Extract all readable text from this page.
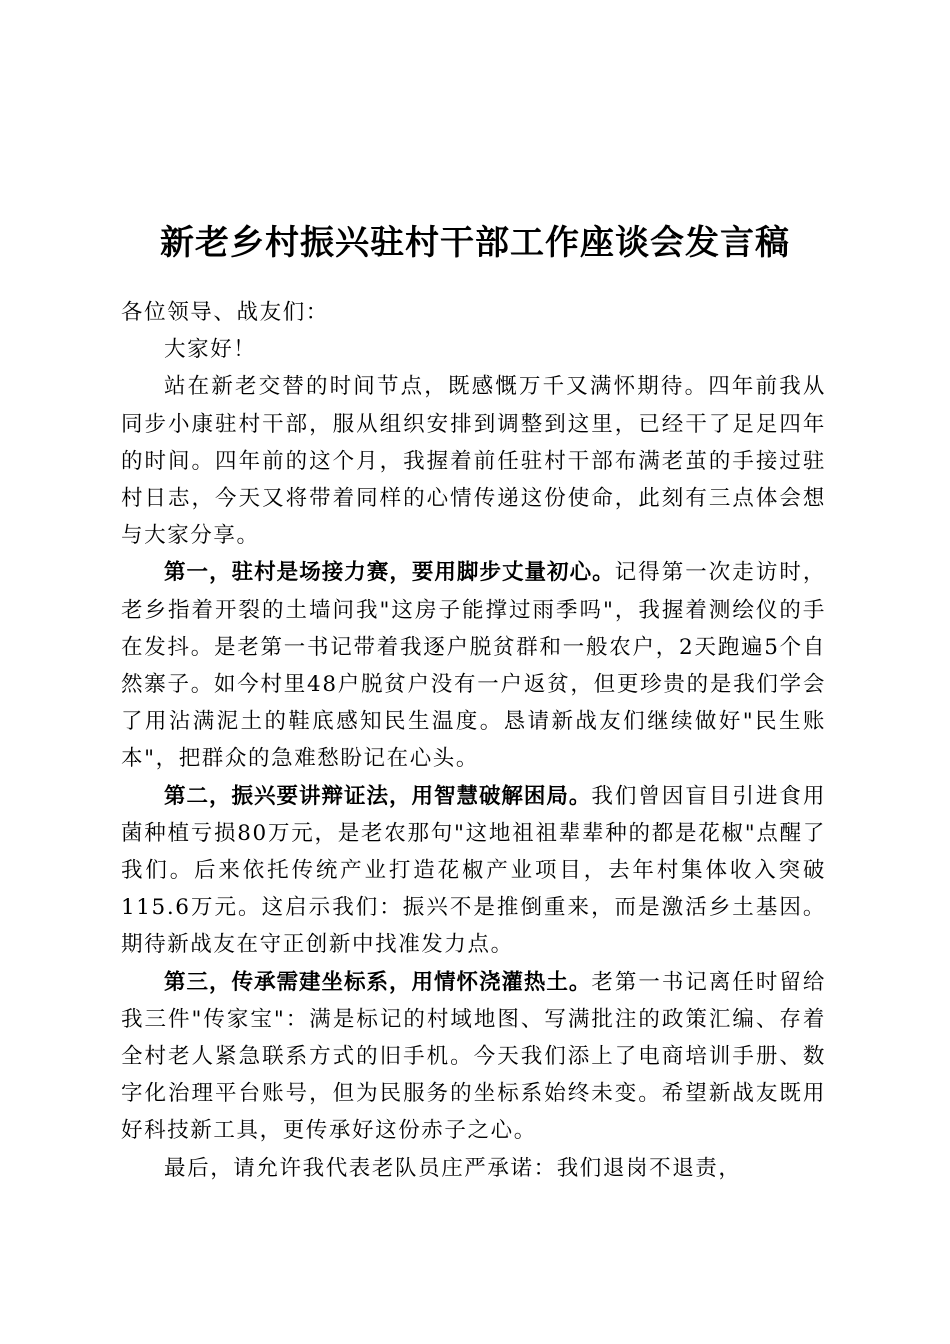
新老乡村振兴驻村干部工作座谈会发言稿

各位领导、战友们：

大家好！

站在新老交替的时间节点，既感慨万千又满怀期待。四年前我从同步小康驻村干部，服从组织安排到调整到这里，已经干了足足四年的时间。四年前的这个月，我握着前任驻村干部布满老茧的手接过驻村日志，今天又将带着同样的心情传递这份使命，此刻有三点体会想与大家分享。

第一，驻村是场接力赛，要用脚步丈量初心。记得第一次走访时，老乡指着开裂的土墙问我"这房子能撑过雨季吗"，我握着测绘仪的手在发抖。是老第一书记带着我逐户脱贫群和一般农户，2天跑遍5个自然寨子。如今村里48户脱贫户没有一户返贫，但更珍贵的是我们学会了用沾满泥土的鞋底感知民生温度。恳请新战友们继续做好"民生账本"，把群众的急难愁盼记在心头。

第二，振兴要讲辩证法，用智慧破解困局。我们曾因盲目引进食用菌种植亏损80万元，是老农那句"这地祖祖辈辈种的都是花椒"点醒了我们。后来依托传统产业打造花椒产业项目，去年村集体收入突破115.6万元。这启示我们：振兴不是推倒重来，而是激活乡土基因。期待新战友在守正创新中找准发力点。

第三，传承需建坐标系，用情怀浇灌热土。老第一书记离任时留给我三件"传家宝"：满是标记的村域地图、写满批注的政策汇编、存着全村老人紧急联系方式的旧手机。今天我们添上了电商培训手册、数字化治理平台账号，但为民服务的坐标系始终未变。希望新战友既用好科技新工具，更传承好这份赤子之心。

最后，请允许我代表老队员庄严承诺：我们退岗不退责，
